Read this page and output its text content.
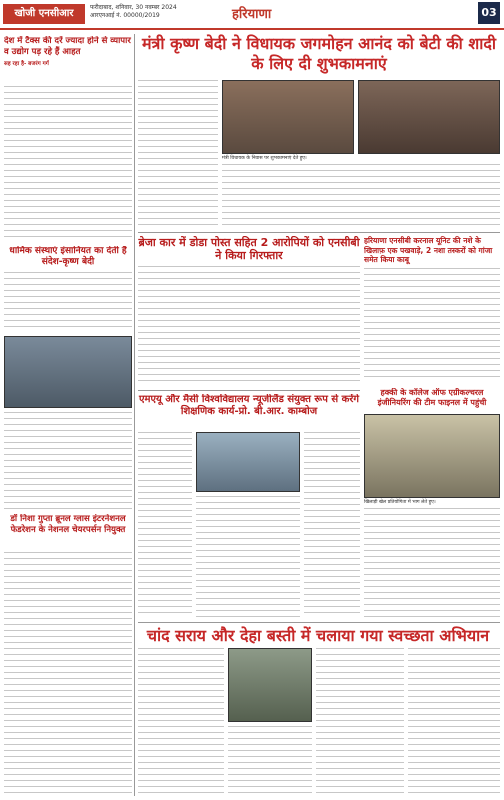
खोजी एनसीआर
फरीदाबाद, शनिवार, 30 नवम्बर 2024
आरएनआई नं. 00000/2019	हरियाणा	03
देश में टैक्स की दरें ज्यादा होने से व्यापार व उद्योग पड़ रहे हैं आहत
सह रहा है- बजरंग गर्ग
धार्मिक संस्थाएं इंसानियत का देती हैं संदेश-कृष्ण बेदी
डॉ निशा गुप्ता ब्रूनल ग्लास इंटरनेशनल फेडरेशन के नेशनल चेयरपर्सन नियुक्त
मंत्री कृष्ण बेदी ने विधायक जगमोहन आनंद को बेटी की शादी के लिए दी शुभकामनाएं
मंत्री विधायक के निवास पर शुभकामनाएं देते हुए।
ब्रेजा कार में डोडा पोस्त सहित 2 आरोपियों को एनसीबी ने किया गिरफ्तार
हरियाणा एनसीबी करनाल यूनिट की नशे के खिलाफ़ एक पखवाड़े, 2 नशा तस्करों को गांजा समेत किया काबू
एमएयू और मैसी विश्वविद्यालय न्यूजीलैंड संयुक्त रूप से करेंगे शिक्षणिक कार्य-प्रो. बी.आर. काम्बोज
हक्की के कॉलेज ऑफ एग्रीकल्चरल इंजीनियरिंग की टीम फाइनल में पहुंची
खिलाड़ी खेल प्रतियोगिता में भाग लेते हुए।
चांद सराय और देहा बस्ती में चलाया गया स्वच्छता अभियान
